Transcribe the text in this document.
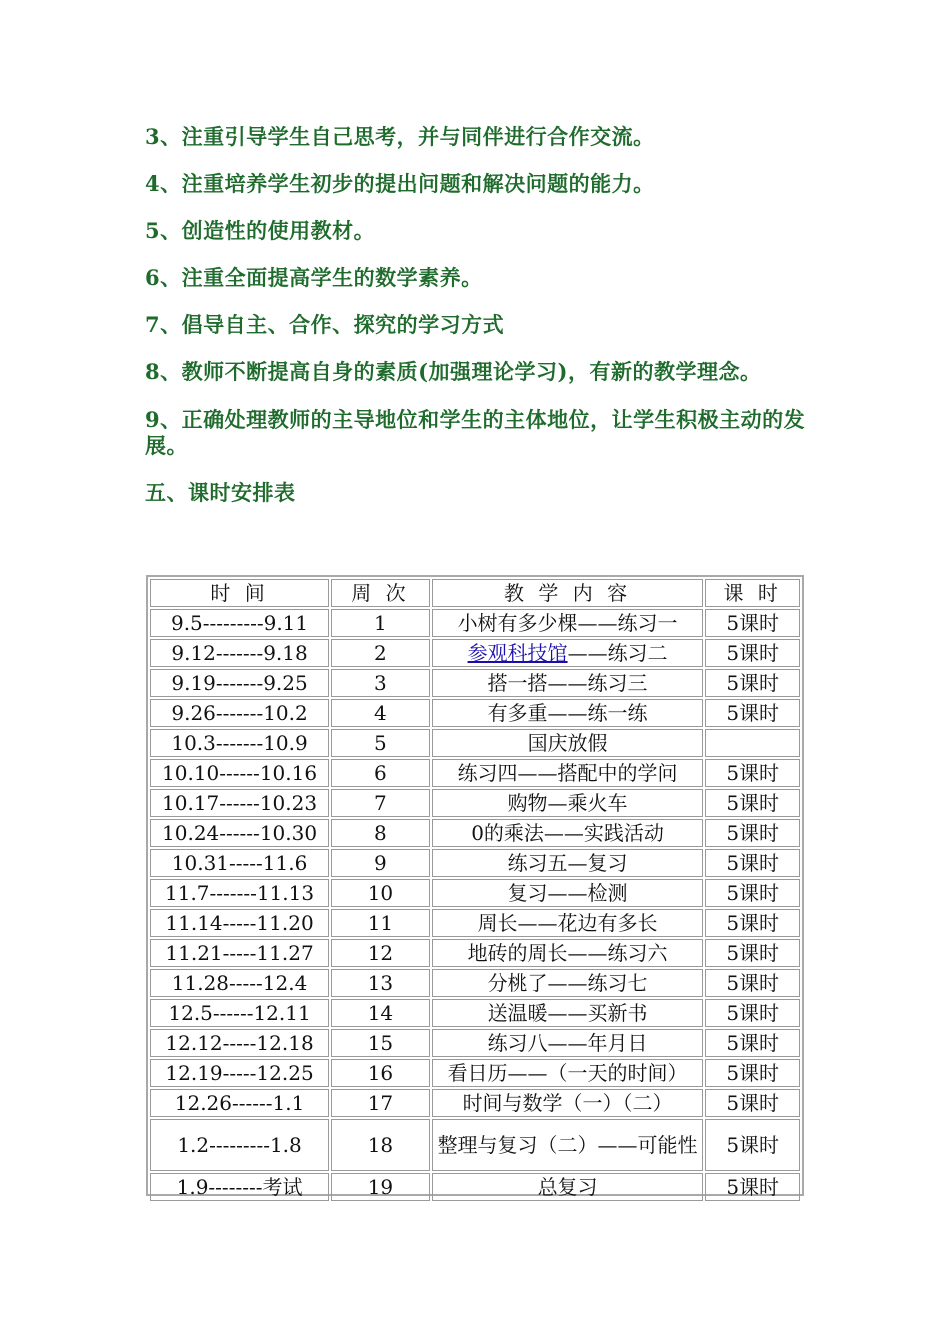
3、注重引导学生自己思考，并与同伴进行合作交流。

4、注重培养学生初步的提出问题和解决问题的能力。

5、创造性的使用教材。

6、注重全面提高学生的数学素养。

7、倡导自主、合作、探究的学习方式

8、教师不断提高自身的素质(加强理论学习)，有新的教学理念。

9、正确处理教师的主导地位和学生的主体地位，让学生积极主动的发展。

五、课时安排表

时 间	周 次	教 学 内 容	课 时
9.5---------9.11	1	小树有多少棵——练习一	5课时
9.12-------9.18	2	参观科技馆——练习二	5课时
9.19-------9.25	3	搭一搭——练习三	5课时
9.26-------10.2	4	有多重——练一练	5课时
10.3-------10.9	5	国庆放假	
10.10------10.16	6	练习四——搭配中的学问	5课时
10.17------10.23	7	购物—乘火车	5课时
10.24------10.30	8	0的乘法——实践活动	5课时
10.31-----11.6	9	练习五—复习	5课时
11.7-------11.13	10	复习——检测	5课时
11.14-----11.20	11	周长——花边有多长	5课时
11.21-----11.27	12	地砖的周长——练习六	5课时
11.28-----12.4	13	分桃了——练习七	5课时
12.5------12.11	14	送温暖——买新书	5课时
12.12-----12.18	15	练习八——年月日	5课时
12.19-----12.25	16	看日历——（一天的时间）	5课时
12.26------1.1	17	时间与数学（一）（二）	5课时
1.2---------1.8	18	整理与复习（二）——可能性	5课时
1.9--------考试	19	总复习	5课时
